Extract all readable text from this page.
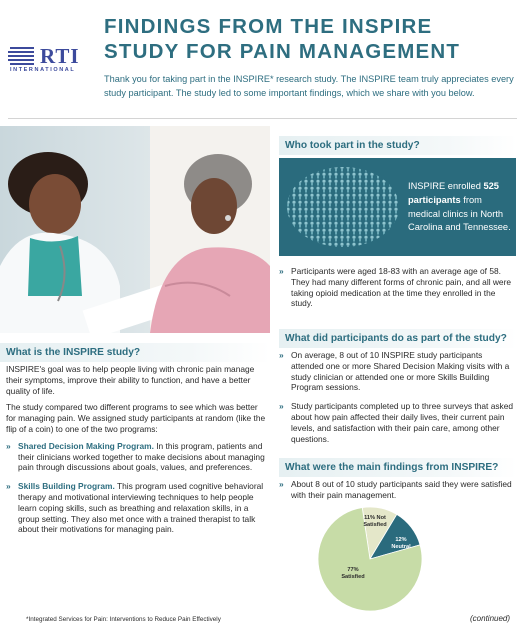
RTI
INTERNATIONAL
FINDINGS FROM THE INSPIRE STUDY FOR PAIN MANAGEMENT
Thank you for taking part in the INSPIRE* research study. The INSPIRE team truly appreciates every study participant. The study led to some important findings, which we share with you below.
What is the INSPIRE study?

INSPIRE's goal was to help people living with chronic pain manage their symptoms, improve their ability to function, and have a better quality of life.

The study compared two different programs to see which was better for managing pain. We assigned study participants at random (like the flip of a coin) to one of the two programs:

» Shared Decision Making Program. In this program, patients and their clinicians worked together to make decisions about managing pain through discussions about goals, values, and preferences.
» Skills Building Program. This program used cognitive behavioral therapy and motivational interviewing techniques to help people learn coping skills, such as breathing and relaxation skills, in a group setting. They also met once with a trained therapist to talk about their motivations for managing pain.
Who took part in the study?
INSPIRE enrolled 525 participants from medical clinics in North Carolina and Tennessee.
» Participants were aged 18-83 with an average age of 58. They had many different forms of chronic pain, and all were taking opioid medication at the time they enrolled in the study.
What did participants do as part of the study?
» On average, 8 out of 10 INSPIRE study participants attended one or more Shared Decision Making visits with a study clinician or attended one or more Skills Building Program sessions.
» Study participants completed up to three surveys that asked about how pain affected their daily lives, their current pain levels, and satisfaction with their pain care, among other questions.
What were the main findings from INSPIRE?
» About 8 out of 10 study participants said they were satisfied with their pain management.
11% Not Satisfied
12% Neutral
77% Satisfied
*Integrated Services for Pain: Interventions to Reduce Pain Effectively	(continued)
